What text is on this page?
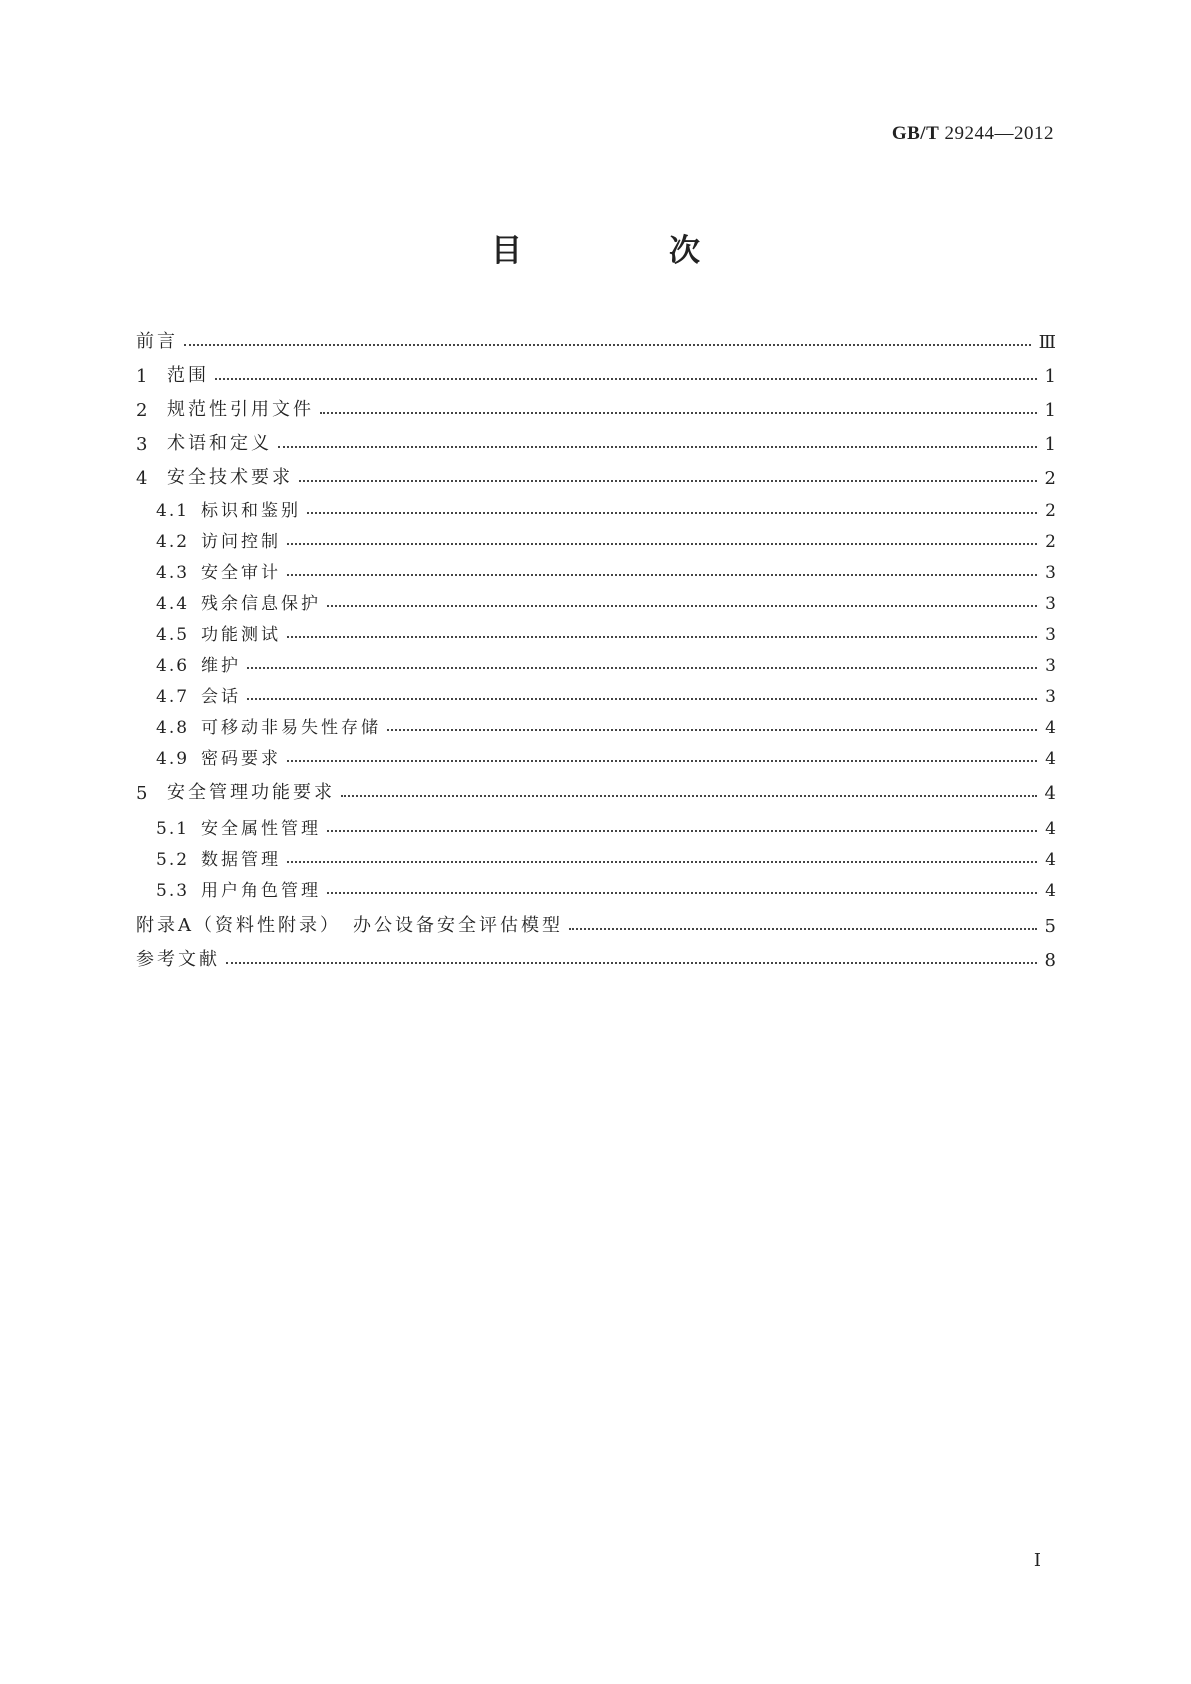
GB/T 29244—2012
目　次
前言	Ⅲ
1 范围	1
2 规范性引用文件	1
3 术语和定义	1
4 安全技术要求	2
4.1 标识和鉴别	2
4.2 访问控制	2
4.3 安全审计	3
4.4 残余信息保护	3
4.5 功能测试	3
4.6 维护	3
4.7 会话	3
4.8 可移动非易失性存储	4
4.9 密码要求	4
5 安全管理功能要求	4
5.1 安全属性管理	4
5.2 数据管理	4
5.3 用户角色管理	4
附录A（资料性附录）　办公设备安全评估模型	5
参考文献	8
I
